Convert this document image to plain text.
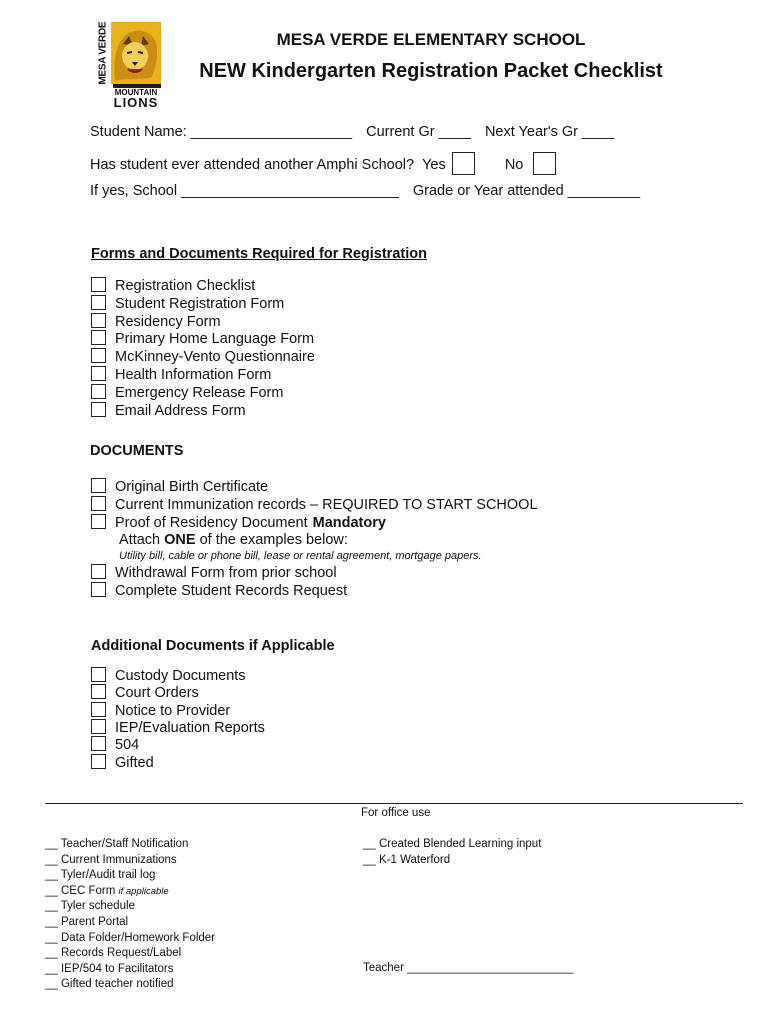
MESA VERDE
MOUNTAIN
LIONS
MESA VERDE ELEMENTARY SCHOOL
NEW Kindergarten Registration Packet Checklist
Student Name: ____________________ Current Gr ____ Next Year's Gr ____
Has student ever attended another Amphi School? Yes	No
If yes, School ___________________________ Grade or Year attended _________
Forms and Documents Required for Registration
Registration Checklist
Student Registration Form
Residency Form
Primary Home Language Form
McKinney-Vento Questionnaire
Health Information Form
Emergency Release Form
Email Address Form
DOCUMENTS
Original Birth Certificate
Current Immunization records – REQUIRED TO START SCHOOL
Proof of Residency Document Mandatory
Attach ONE of the examples below:
Utility bill, cable or phone bill, lease or rental agreement, mortgage papers.
Withdrawal Form from prior school
Complete Student Records Request
Additional Documents if Applicable
Custody Documents
Court Orders
Notice to Provider
IEP/Evaluation Reports
504
Gifted
For office use
__ Teacher/Staff Notification
__ Current Immunizations
__ Tyler/Audit trail log
__ CEC Form if applicable
__ Tyler schedule
__ Parent Portal
__ Data Folder/Homework Folder
__ Records Request/Label
__ IEP/504 to Facilitators
__ Gifted teacher notified
__ Created Blended Learning input
__ K-1 Waterford
Teacher __________________________
